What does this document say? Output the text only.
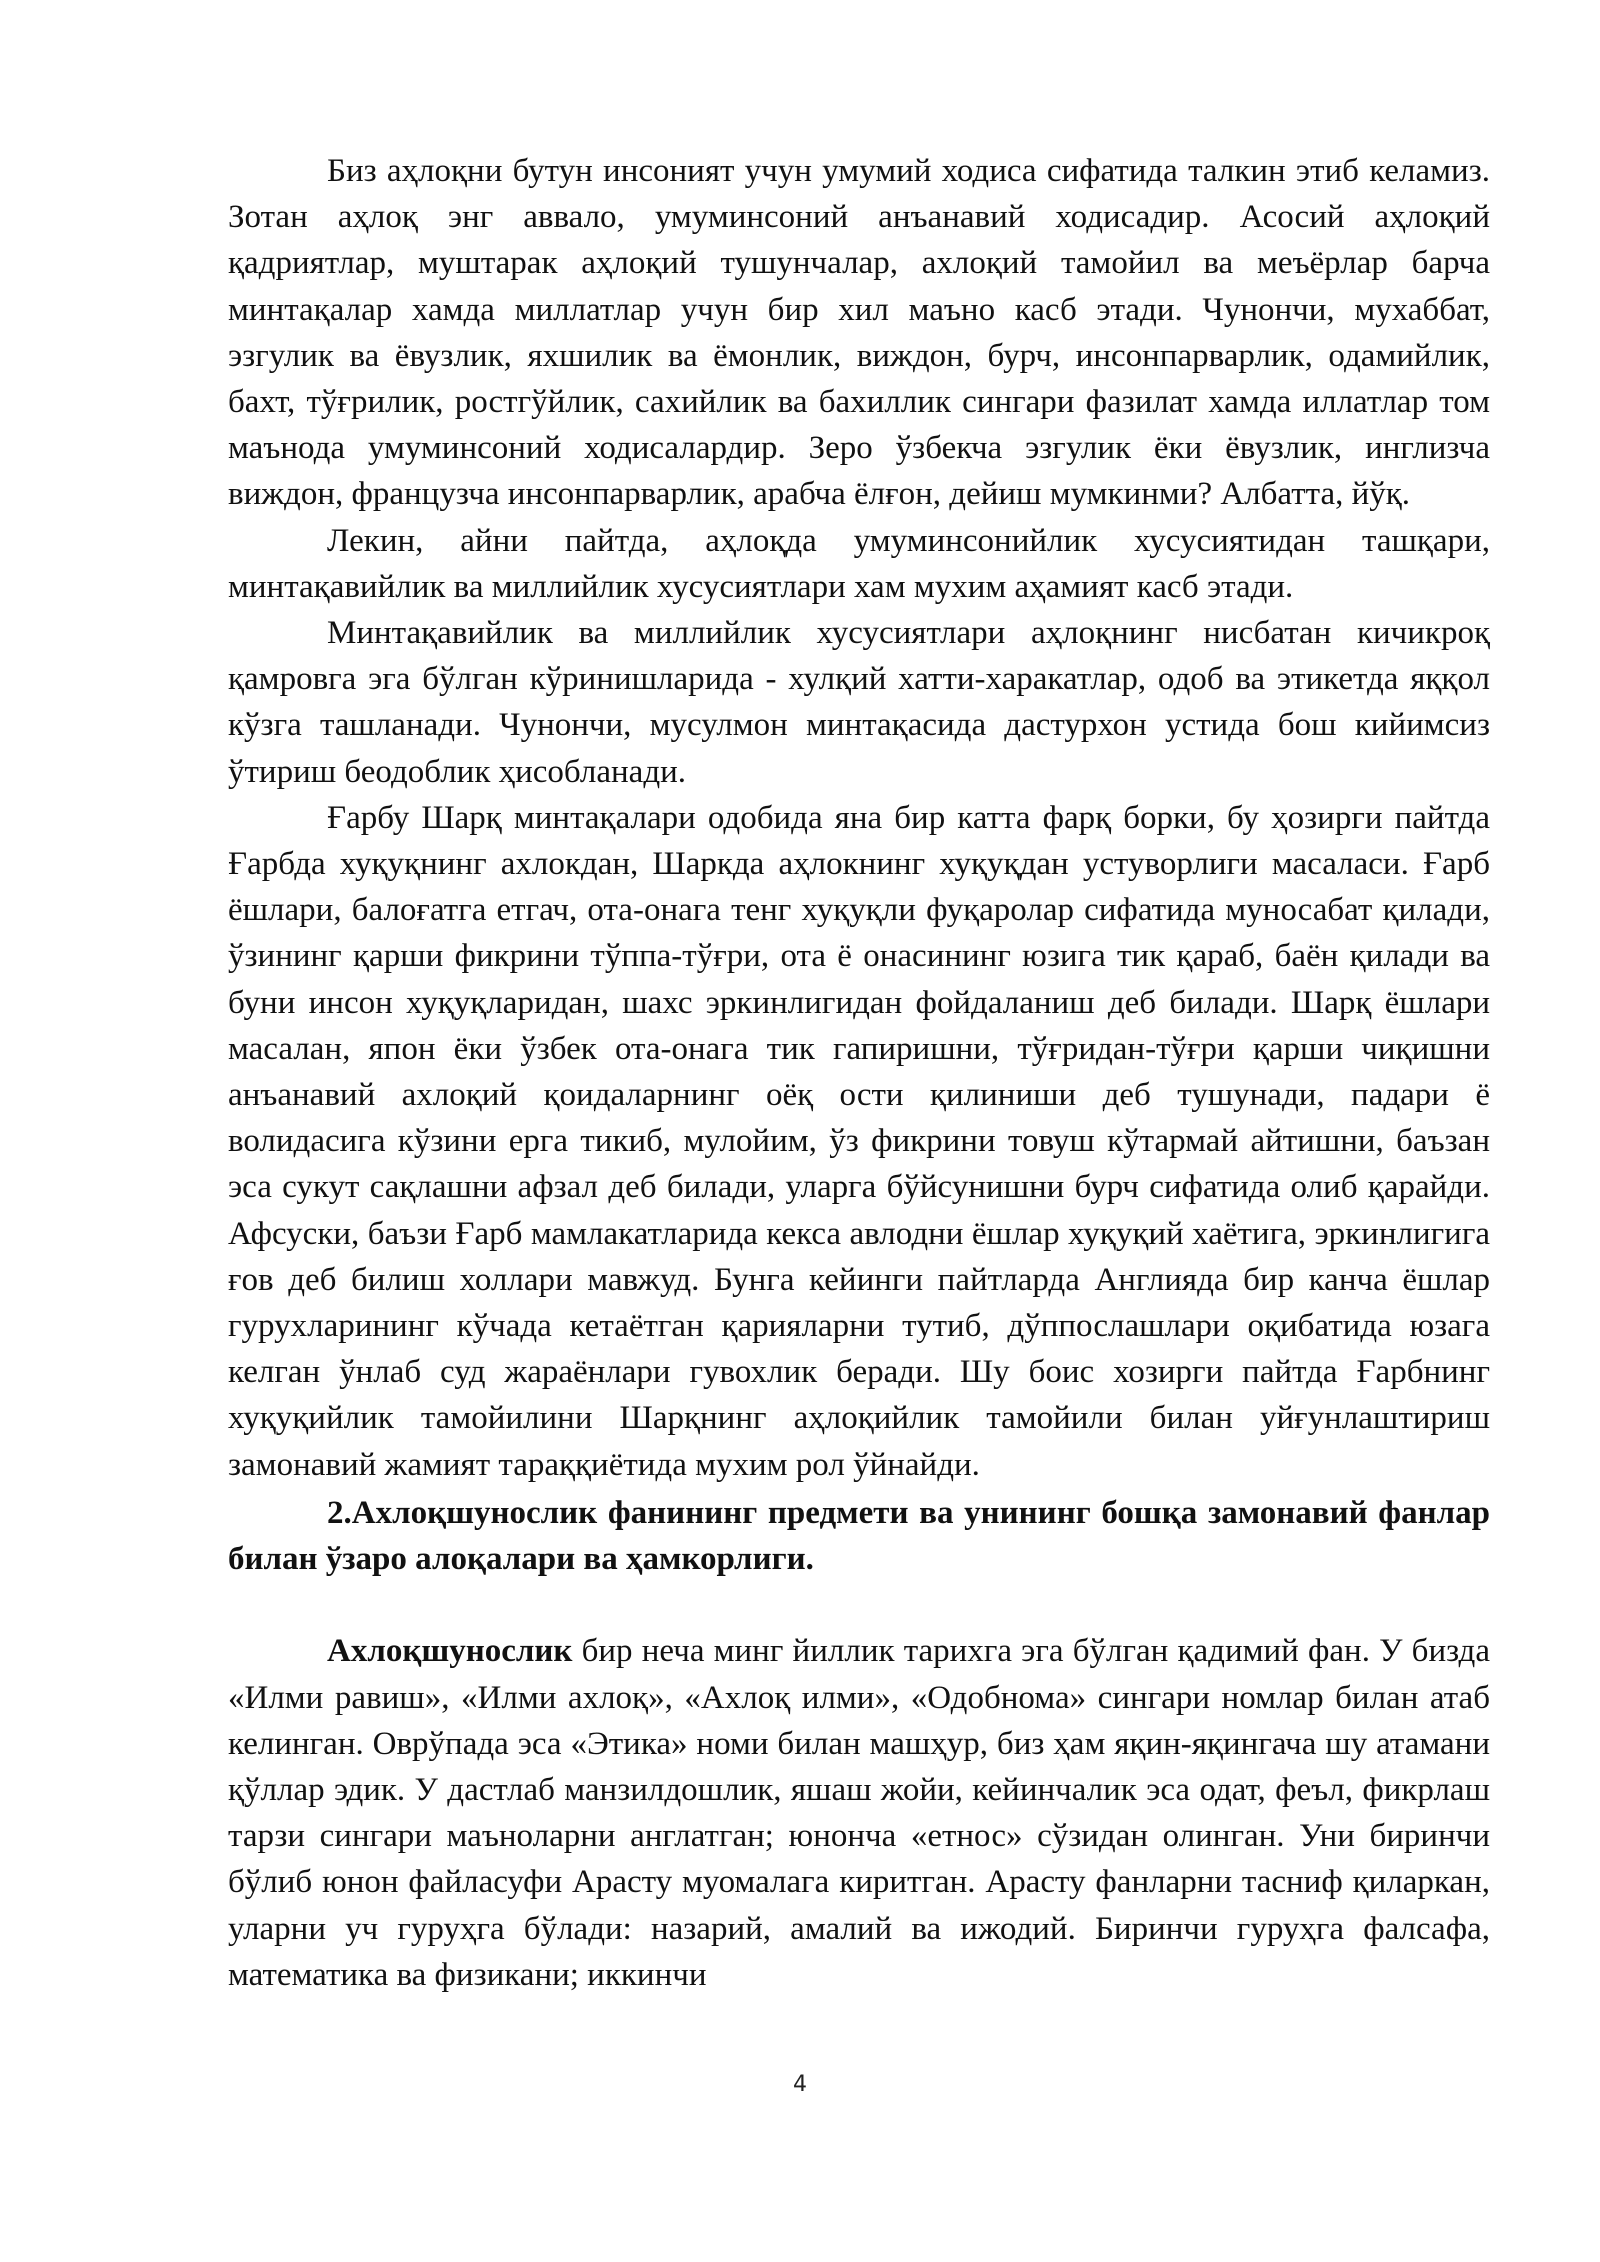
Биз аҳлоқни бутун инсоният учун умумий ходиса сифатида талкин этиб келамиз. Зотан аҳлоқ энг аввало, умуминсоний анъанавий ходисадир. Асосий аҳлоқий қадриятлар, муштарак аҳлоқий тушунчалар, ахлоқий тамойил ва меъёрлар барча минтақалар хамда миллатлар учун бир хил маъно касб этади. Чунончи, мухаббат, эзгулик ва ёвузлик, яхшилик ва ёмонлик, виждон, бурч, инсонпарварлик, одамийлик, бахт, тўғрилик, ростгўйлик, сахийлик ва бахиллик сингари фазилат хамда иллатлар том маънода умуминсоний ходисалардир. Зеро ўзбекча эзгулик ёки ёвузлик, инглизча виждон, французча инсонпарварлик, арабча ёлғон, дейиш мумкинми? Албатта, йўқ.

Лекин, айни пайтда, аҳлоқда умуминсонийлик хусусиятидан ташқари, минтақавийлик ва миллийлик хусусиятлари хам мухим аҳамият касб этади.

Минтақавийлик ва миллийлик хусусиятлари аҳлоқнинг нисбатан кичикроқ қамровга эга бўлган кўринишларида - хулқий хатти-харакатлар, одоб ва этикетда яққол кўзга ташланади. Чунончи, мусулмон минтақасида дастурхон устида бош кийимсиз ўтириш беодоблик ҳисобланади.

Ғарбу Шарқ минтақалари одобида яна бир катта фарқ борки, бу ҳозирги пайтда Ғарбда хуқуқнинг ахлокдан, Шаркда аҳлокнинг хуқуқдан устуворлиги масаласи. Ғарб ёшлари, балоғатга етгач, ота-онага тенг хуқуқли фуқаролар сифатида муносабат қилади, ўзининг қарши фикрини тўппа-тўғри, ота ё онасининг юзига тик қараб, баён қилади ва буни инсон хуқуқларидан, шахс эркинлигидан фойдаланиш деб билади. Шарқ ёшлари масалан, япон ёки ўзбек ота-онага тик гапиришни, тўғридан-тўғри қарши чиқишни анъанавий ахлоқий қоидаларнинг оёқ ости қилиниши деб тушунади, падари ё волидасига кўзини ерга тикиб, мулойим, ўз фикрини товуш кўтармай айтишни, баъзан эса сукут сақлашни афзал деб билади, уларга бўйсунишни бурч сифатида олиб қарайди. Афсуски, баъзи Ғарб мамлакатларида кекса авлодни ёшлар хуқуқий хаётига, эркинлигига ғов деб билиш холлари мавжуд. Бунга кейинги пайтларда Англияда бир канча ёшлар гурухларининг кўчада кетаётган қарияларни тутиб, дўппослашлари оқибатида юзага келган ўнлаб суд жараёнлари гувохлик беради. Шу боис хозирги пайтда Ғарбнинг хуқуқийлик тамойилини Шарқнинг аҳлоқийлик тамойили билан уйғунлаштириш замонавий жамият тараққиётида мухим рол ўйнайди.

2.Ахлоқшунослик фанининг предмети ва унининг бошқа замонавий фанлар билан ўзаро алоқалари ва ҳамкорлиги.

Ахлоқшунослик бир неча минг йиллик тарихга эга бўлган қадимий фан. У бизда «Илми равиш», «Илми ахлоқ», «Ахлоқ илми», «Одобнома» сингари номлар билан атаб келинган. Оврўпада эса «Этика» номи билан машҳур, биз ҳам яқин-яқингача шу атамани қўллар эдик. У дастлаб манзилдошлик, яшаш жойи, кейинчалик эса одат, феъл, фикрлаш тарзи сингари маъноларни англатган; юнонча «етнос» сўзидан олинган. Уни биринчи бўлиб юнон файласуфи Арасту муомалага киритган. Арасту фанларни тасниф қиларкан, уларни уч гуруҳга бўлади: назарий, амалий ва ижодий. Биринчи гуруҳга фалсафа, математика ва физикани; иккинчи

4
